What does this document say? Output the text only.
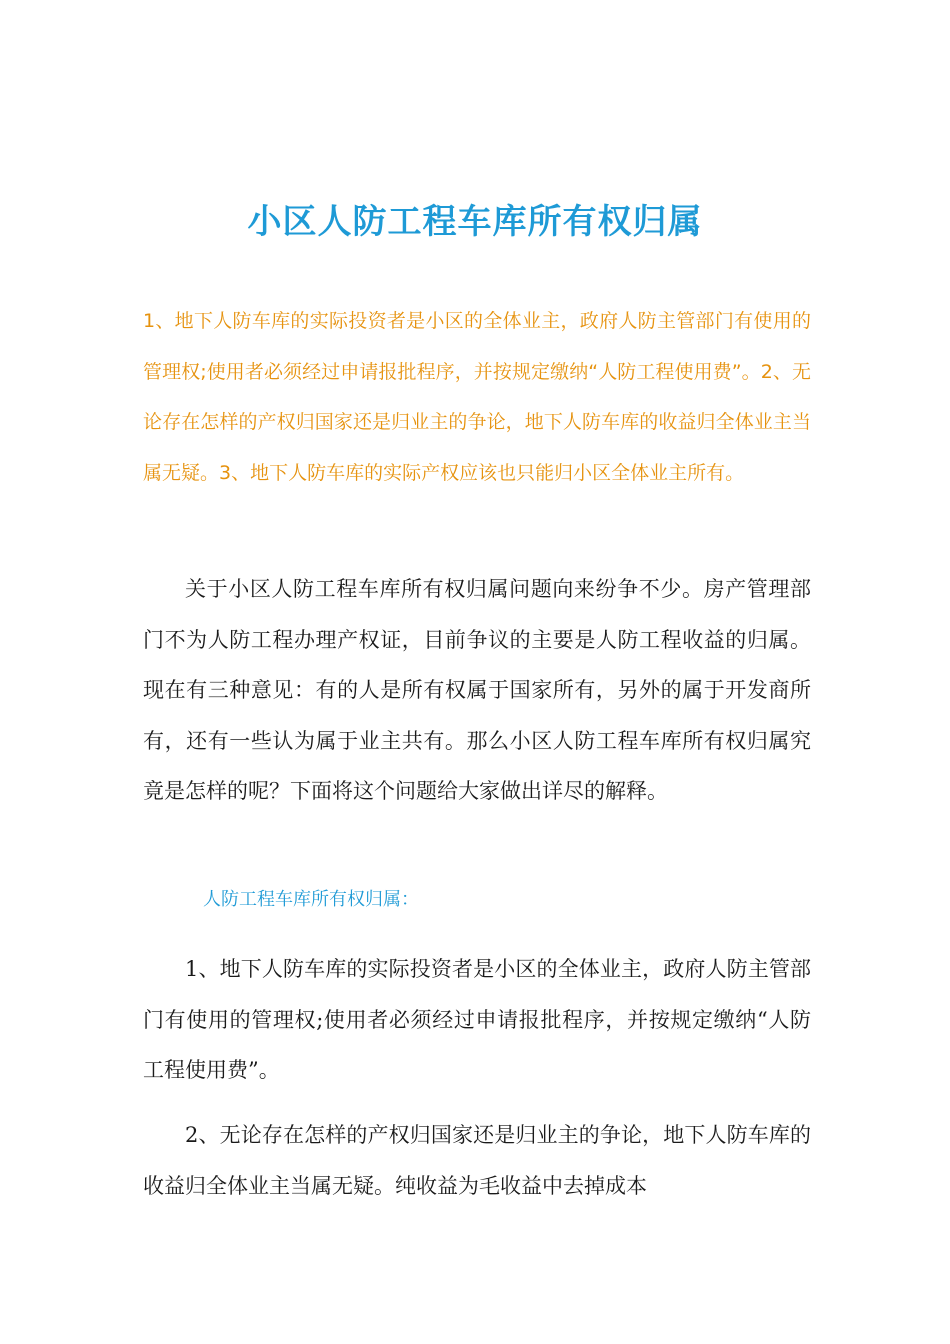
小区人防工程车库所有权归属

1、地下人防车库的实际投资者是小区的全体业主，政府人防主管部门有使用的管理权;使用者必须经过申请报批程序，并按规定缴纳“人防工程使用费”。2、无论存在怎样的产权归国家还是归业主的争论，地下人防车库的收益归全体业主当属无疑。3、地下人防车库的实际产权应该也只能归小区全体业主所有。

关于小区人防工程车库所有权归属问题向来纷争不少。房产管理部门不为人防工程办理产权证，目前争议的主要是人防工程收益的归属。现在有三种意见：有的人是所有权属于国家所有，另外的属于开发商所有，还有一些认为属于业主共有。那么小区人防工程车库所有权归属究竟是怎样的呢？下面将这个问题给大家做出详尽的解释。

人防工程车库所有权归属：

1、地下人防车库的实际投资者是小区的全体业主，政府人防主管部门有使用的管理权;使用者必须经过申请报批程序，并按规定缴纳“人防工程使用费”。

2、无论存在怎样的产权归国家还是归业主的争论，地下人防车库的收益归全体业主当属无疑。纯收益为毛收益中去掉成本
